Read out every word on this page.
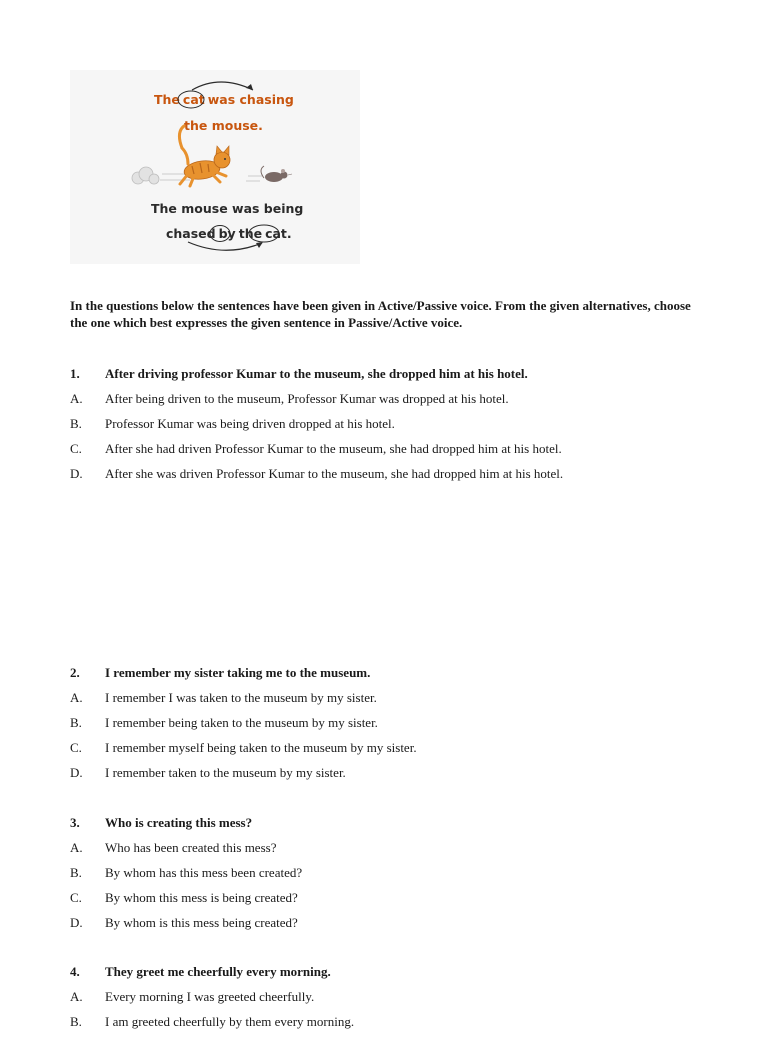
The cat was chasing
the mouse.
The mouse was being
chased by the cat.

In the questions below the sentences have been given in Active/Passive voice. From the given alternatives, choose the one which best expresses the given sentence in Passive/Active voice.

1.	After driving professor Kumar to the museum, she dropped him at his hotel.
A.	After being driven to the museum, Professor Kumar was dropped at his hotel.
B.	Professor Kumar was being driven dropped at his hotel.
C.	After she had driven Professor Kumar to the museum, she had dropped him at his hotel.
D.	After she was driven Professor Kumar to the museum, she had dropped him at his hotel.
2.	I remember my sister taking me to the museum.
A.	I remember I was taken to the museum by my sister.
B.	I remember being taken to the museum by my sister.
C.	I remember myself being taken to the museum by my sister.
D.	I remember taken to the museum by my sister.
3.	Who is creating this mess?
A.	Who has been created this mess?
B.	By whom has this mess been created?
C.	By whom this mess is being created?
D.	By whom is this mess being created?
4.	They greet me cheerfully every morning.
A.	Every morning I was greeted cheerfully.
B.	I am greeted cheerfully by them every morning.
